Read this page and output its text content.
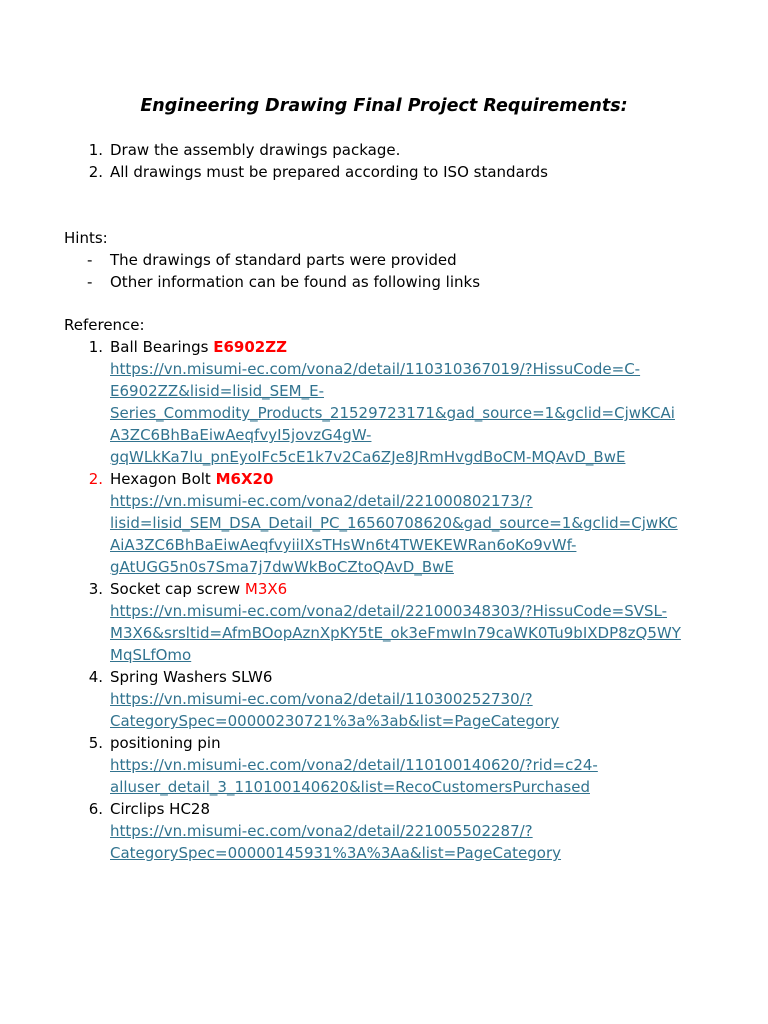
Engineering Drawing Final Project Requirements:
1. Draw the assembly drawings package.
2. All drawings must be prepared according to ISO standards
Hints:
- The drawings of standard parts were provided
- Other information can be found as following links
Reference:
1. Ball Bearings E6902ZZ
https://vn.misumi-ec.com/vona2/detail/110310367019/?HissuCode=C-
E6902ZZ&lisid=lisid_SEM_E-
Series_Commodity_Products_21529723171&gad_source=1&gclid=CjwKCAi
A3ZC6BhBaEiwAeqfvyI5jovzG4gW-
gqWLkKa7lu_pnEyoIFc5cE1k7v2Ca6ZJe8JRmHvgdBoCM-MQAvD_BwE
2. Hexagon Bolt M6X20
https://vn.misumi-ec.com/vona2/detail/221000802173/?
lisid=lisid_SEM_DSA_Detail_PC_16560708620&gad_source=1&gclid=CjwKC
AiA3ZC6BhBaEiwAeqfvyiiIXsTHsWn6t4TWEKEWRan6oKo9vWf-
gAtUGG5n0s7Sma7j7dwWkBoCZtoQAvD_BwE
3. Socket cap screw M3X6
https://vn.misumi-ec.com/vona2/detail/221000348303/?HissuCode=SVSL-
M3X6&srsltid=AfmBOopAznXpKY5tE_ok3eFmwIn79caWK0Tu9bIXDP8zQ5WY
MqSLfOmo
4. Spring Washers SLW6
https://vn.misumi-ec.com/vona2/detail/110300252730/?
CategorySpec=00000230721%3a%3ab&list=PageCategory
5. positioning pin
https://vn.misumi-ec.com/vona2/detail/110100140620/?rid=c24-
alluser_detail_3_110100140620&list=RecoCustomersPurchased
6. Circlips HC28
https://vn.misumi-ec.com/vona2/detail/221005502287/?
CategorySpec=00000145931%3A%3Aa&list=PageCategory
